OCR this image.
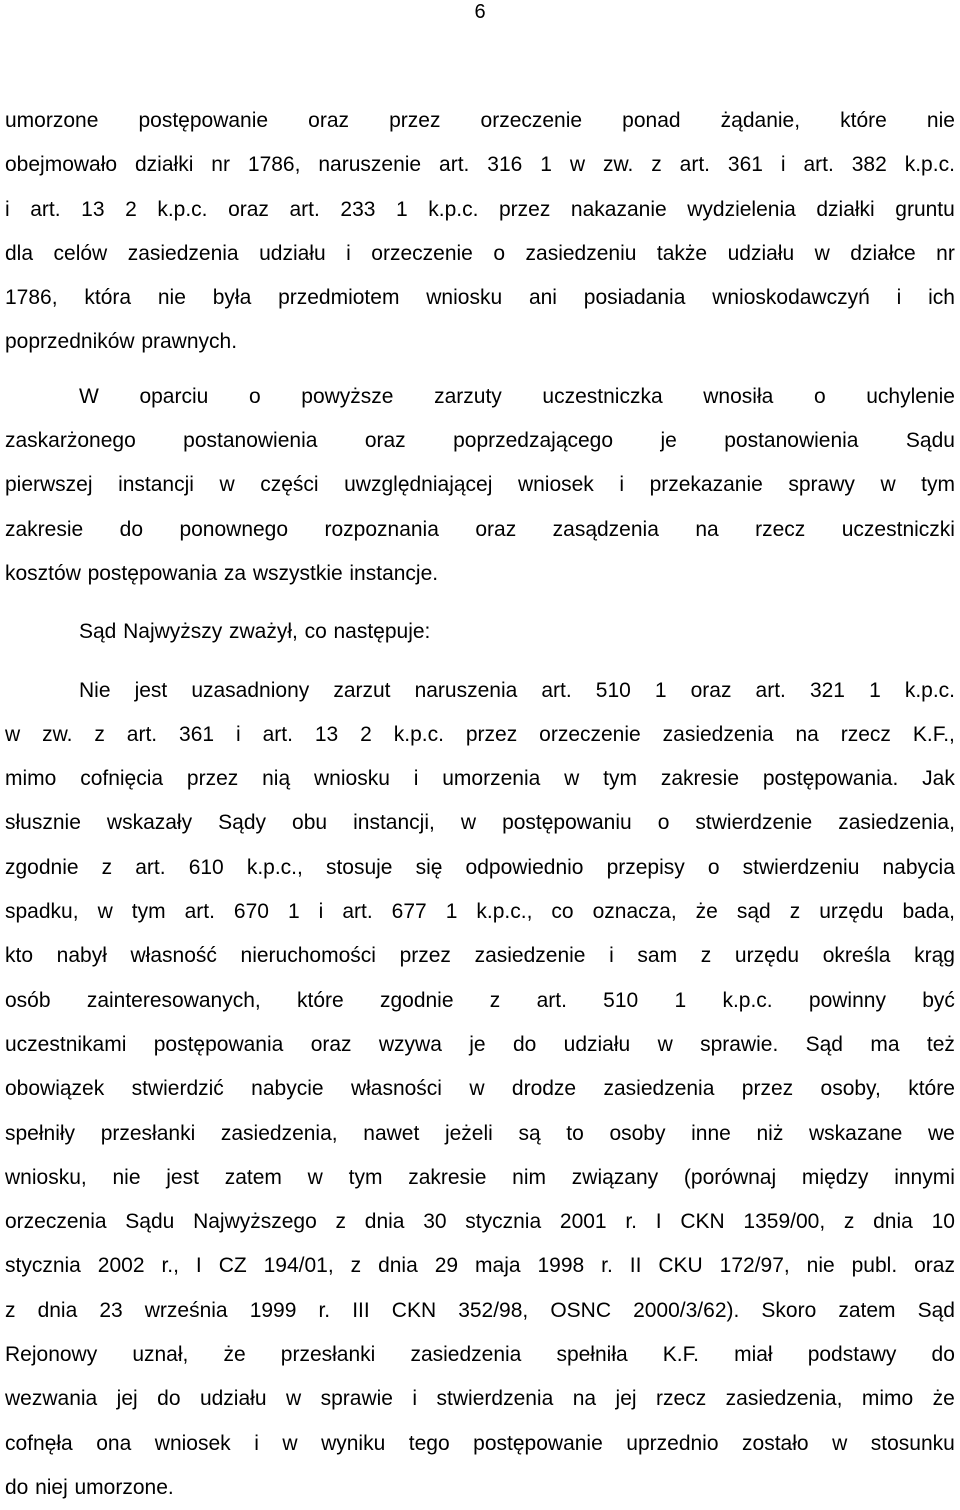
6
umorzone postępowanie oraz przez orzeczenie ponad żądanie, które nie
obejmowało działki nr 1786, naruszenie art. 316 1 w zw. z art. 361 i art. 382 k.p.c.
i art. 13 2 k.p.c. oraz art. 233 1 k.p.c. przez nakazanie wydzielenia działki gruntu
dla celów zasiedzenia udziału i orzeczenie o zasiedzeniu także udziału w działce nr
1786, która nie była przedmiotem wniosku ani posiadania wnioskodawczyń i ich
poprzedników prawnych.
W oparciu o powyższe zarzuty uczestniczka wnosiła o uchylenie
zaskarżonego postanowienia oraz poprzedzającego je postanowienia Sądu
pierwszej instancji w części uwzględniającej wniosek i przekazanie sprawy w tym
zakresie do ponownego rozpoznania oraz zasądzenia na rzecz uczestniczki
kosztów postępowania za wszystkie instancje.
Sąd Najwyższy zważył, co następuje:
Nie jest uzasadniony zarzut naruszenia art. 510 1 oraz art. 321 1 k.p.c.
w zw. z art. 361 i art. 13 2 k.p.c. przez orzeczenie zasiedzenia na rzecz K.F.,
mimo cofnięcia przez nią wniosku i umorzenia w tym zakresie postępowania. Jak
słusznie wskazały Sądy obu instancji, w postępowaniu o stwierdzenie zasiedzenia,
zgodnie z art. 610 k.p.c., stosuje się odpowiednio przepisy o stwierdzeniu nabycia
spadku, w tym art. 670 1 i art. 677 1 k.p.c., co oznacza, że sąd z urzędu bada,
kto nabył własność nieruchomości przez zasiedzenie i sam z urzędu określa krąg
osób zainteresowanych, które zgodnie z art. 510 1 k.p.c. powinny być
uczestnikami postępowania oraz wzywa je do udziału w sprawie. Sąd ma też
obowiązek stwierdzić nabycie własności w drodze zasiedzenia przez osoby, które
spełniły przesłanki zasiedzenia, nawet jeżeli są to osoby inne niż wskazane we
wniosku, nie jest zatem w tym zakresie nim związany (porównaj między innymi
orzeczenia Sądu Najwyższego z dnia 30 stycznia 2001 r. I CKN 1359/00, z dnia 10
stycznia 2002 r., I CZ 194/01, z dnia 29 maja 1998 r. II CKU 172/97, nie publ. oraz
z dnia 23 września 1999 r. III CKN 352/98, OSNC 2000/3/62). Skoro zatem Sąd
Rejonowy uznał, że przesłanki zasiedzenia spełniła K.F. miał podstawy do
wezwania jej do udziału w sprawie i stwierdzenia na jej rzecz zasiedzenia, mimo że
cofnęła ona wniosek i w wyniku tego postępowanie uprzednio zostało w stosunku
do niej umorzone.
